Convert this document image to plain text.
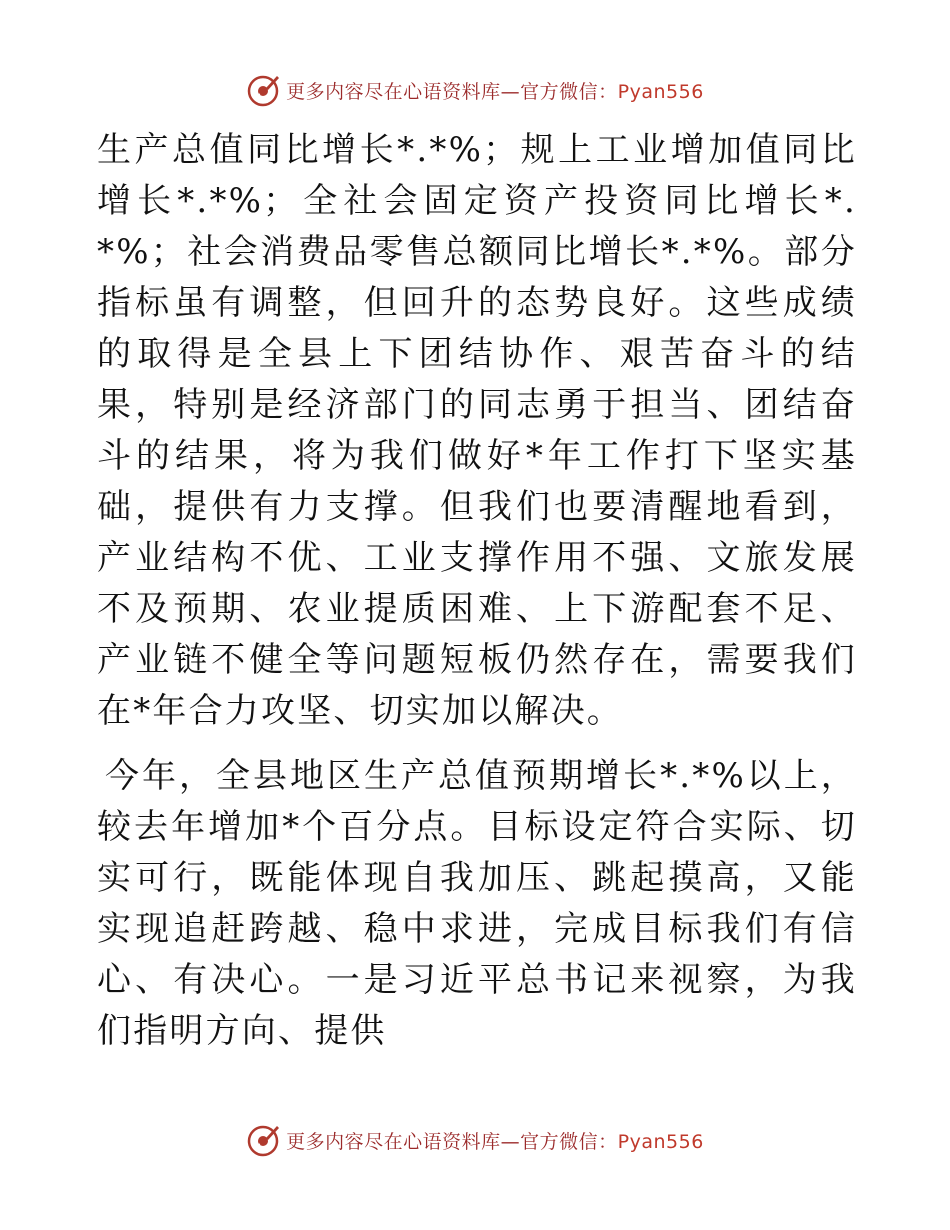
更多内容尽在心语资料库—官方微信：Pyan556

生产总值同比增长*.*%；规上工业增加值同比增长*.*%；全社会固定资产投资同比增长*.*%；社会消费品零售总额同比增长*.*%。部分指标虽有调整，但回升的态势良好。这些成绩的取得是全县上下团结协作、艰苦奋斗的结果，特别是经济部门的同志勇于担当、团结奋斗的结果，将为我们做好*年工作打下坚实基础，提供有力支撑。但我们也要清醒地看到，产业结构不优、工业支撑作用不强、文旅发展不及预期、农业提质困难、上下游配套不足、产业链不健全等问题短板仍然存在，需要我们在*年合力攻坚、切实加以解决。

今年，全县地区生产总值预期增长*.*%以上，较去年增加*个百分点。目标设定符合实际、切实可行，既能体现自我加压、跳起摸高，又能实现追赶跨越、稳中求进，完成目标我们有信心、有决心。一是习近平总书记来视察，为我们指明方向、提供

更多内容尽在心语资料库—官方微信：Pyan556
